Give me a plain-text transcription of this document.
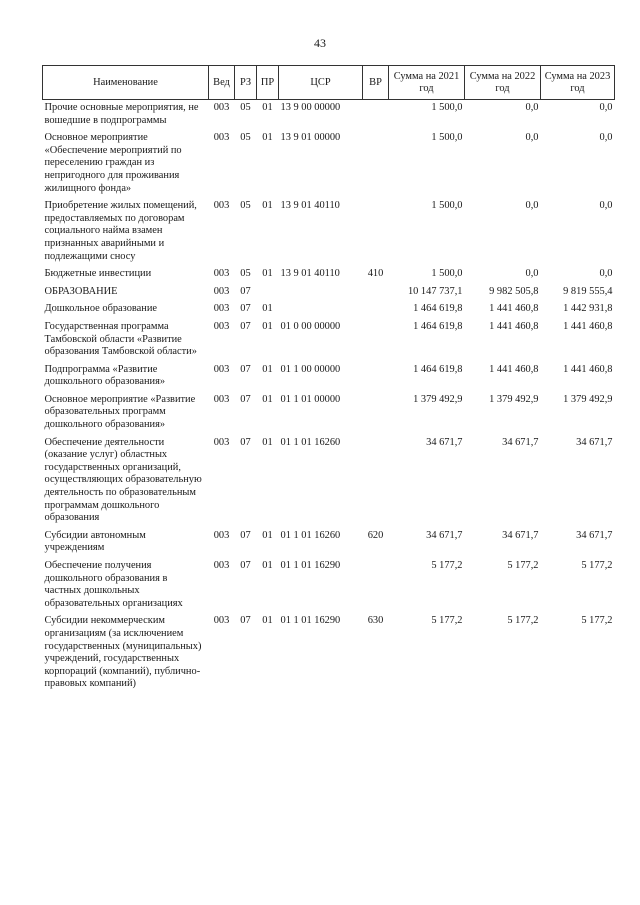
43
Наименование	Вед	РЗ	ПР	ЦСР	ВР	Сумма на 2021 год	Сумма на 2022 год	Сумма на 2023 год
Прочие основные мероприятия, не вошедшие в подпрограммы	003	05	01	13 9 00 00000		1 500,0	0,0	0,0
Основное мероприятие «Обеспечение мероприятий по переселению граждан из непригодного для проживания жилищного фонда»	003	05	01	13 9 01 00000		1 500,0	0,0	0,0
Приобретение жилых помещений, предоставляемых по договорам социального найма взамен признанных аварийными и подлежащими сносу	003	05	01	13 9 01 40110		1 500,0	0,0	0,0
Бюджетные инвестиции	003	05	01	13 9 01 40110	410	1 500,0	0,0	0,0
ОБРАЗОВАНИЕ	003	07				10 147 737,1	9 982 505,8	9 819 555,4
Дошкольное образование	003	07	01			1 464 619,8	1 441 460,8	1 442 931,8
Государственная программа Тамбовской области «Развитие образования Тамбовской области»	003	07	01	01 0 00 00000		1 464 619,8	1 441 460,8	1 441 460,8
Подпрограмма «Развитие дошкольного образования»	003	07	01	01 1 00 00000		1 464 619,8	1 441 460,8	1 441 460,8
Основное мероприятие «Развитие образовательных программ дошкольного образования»	003	07	01	01 1 01 00000		1 379 492,9	1 379 492,9	1 379 492,9
Обеспечение деятельности (оказание услуг) областных государственных организаций, осуществляющих образовательную деятельность по образовательным программам дошкольного образования	003	07	01	01 1 01 16260		34 671,7	34 671,7	34 671,7
Субсидии автономным учреждениям	003	07	01	01 1 01 16260	620	34 671,7	34 671,7	34 671,7
Обеспечение получения дошкольного образования в частных дошкольных образовательных организациях	003	07	01	01 1 01 16290		5 177,2	5 177,2	5 177,2
Субсидии некоммерческим организациям (за исключением государственных (муниципальных) учреждений, государственных корпораций (компаний), публично-правовых компаний)	003	07	01	01 1 01 16290	630	5 177,2	5 177,2	5 177,2
